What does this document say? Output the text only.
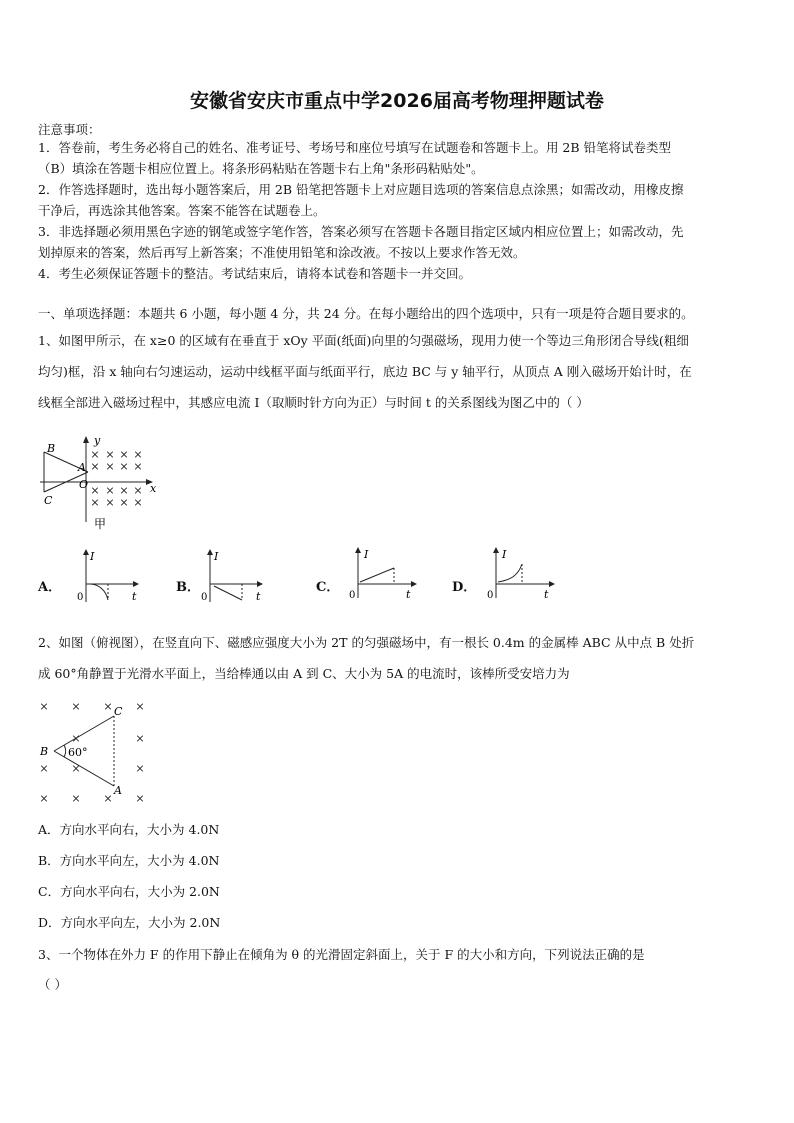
安徽省安庆市重点中学2026届高考物理押题试卷
注意事项：
1．答卷前，考生务必将自己的姓名、准考证号、考场号和座位号填写在试题卷和答题卡上。用 2B 铅笔将试卷类型
（B）填涂在答题卡相应位置上。将条形码粘贴在答题卡右上角"条形码粘贴处"。
2．作答选择题时，选出每小题答案后，用 2B 铅笔把答题卡上对应题目选项的答案信息点涂黑；如需改动，用橡皮擦
干净后，再选涂其他答案。答案不能答在试题卷上。
3．非选择题必须用黑色字迹的钢笔或签字笔作答，答案必须写在答题卡各题目指定区域内相应位置上；如需改动，先
划掉原来的答案，然后再写上新答案；不准使用铅笔和涂改液。不按以上要求作答无效。
4．考生必须保证答题卡的整洁。考试结束后，请将本试卷和答题卡一并交回。
一、单项选择题：本题共 6 小题，每小题 4 分，共 24 分。在每小题给出的四个选项中，只有一项是符合题目要求的。
1、如图甲所示，在 x≥0 的区域有在垂直于 xOy 平面(纸面)向里的匀强磁场，现用力使一个等边三角形闭合导线(粗细
均匀)框，沿 x 轴向右匀速运动，运动中线框平面与纸面平行，底边 BC 与 y 轴平行，从顶点 A 刚入磁场开始计时，在
线框全部进入磁场过程中，其感应电流 I（取顺时针方向为正）与时间 t 的关系图线为图乙中的（ ）
× × × ×
× × × ×
× × × ×
× × × ×
B
A
C
O	x
y
甲
A．
I
0	t
B．
I
0	t
C．
I
0	t	D．
I
0	t
2、如图（俯视图），在竖直向下、磁感应强度大小为 2T 的匀强磁场中，有一根长 0.4m 的金属棒 ABC 从中点 B 处折
成 60°角静置于光滑水平面上，当给棒通以由 A 到 C、大小为 5A 的电流时，该棒所受安培力为
× × × ×
×	×
× ×	×
× × × ×
B
C
A
60°
A．方向水平向右，大小为 4.0N
B．方向水平向左，大小为 4.0N
C．方向水平向右，大小为 2.0N
D．方向水平向左，大小为 2.0N
3、一个物体在外力 F 的作用下静止在倾角为 θ 的光滑固定斜面上，关于 F 的大小和方向，下列说法正确的是
（ ）
